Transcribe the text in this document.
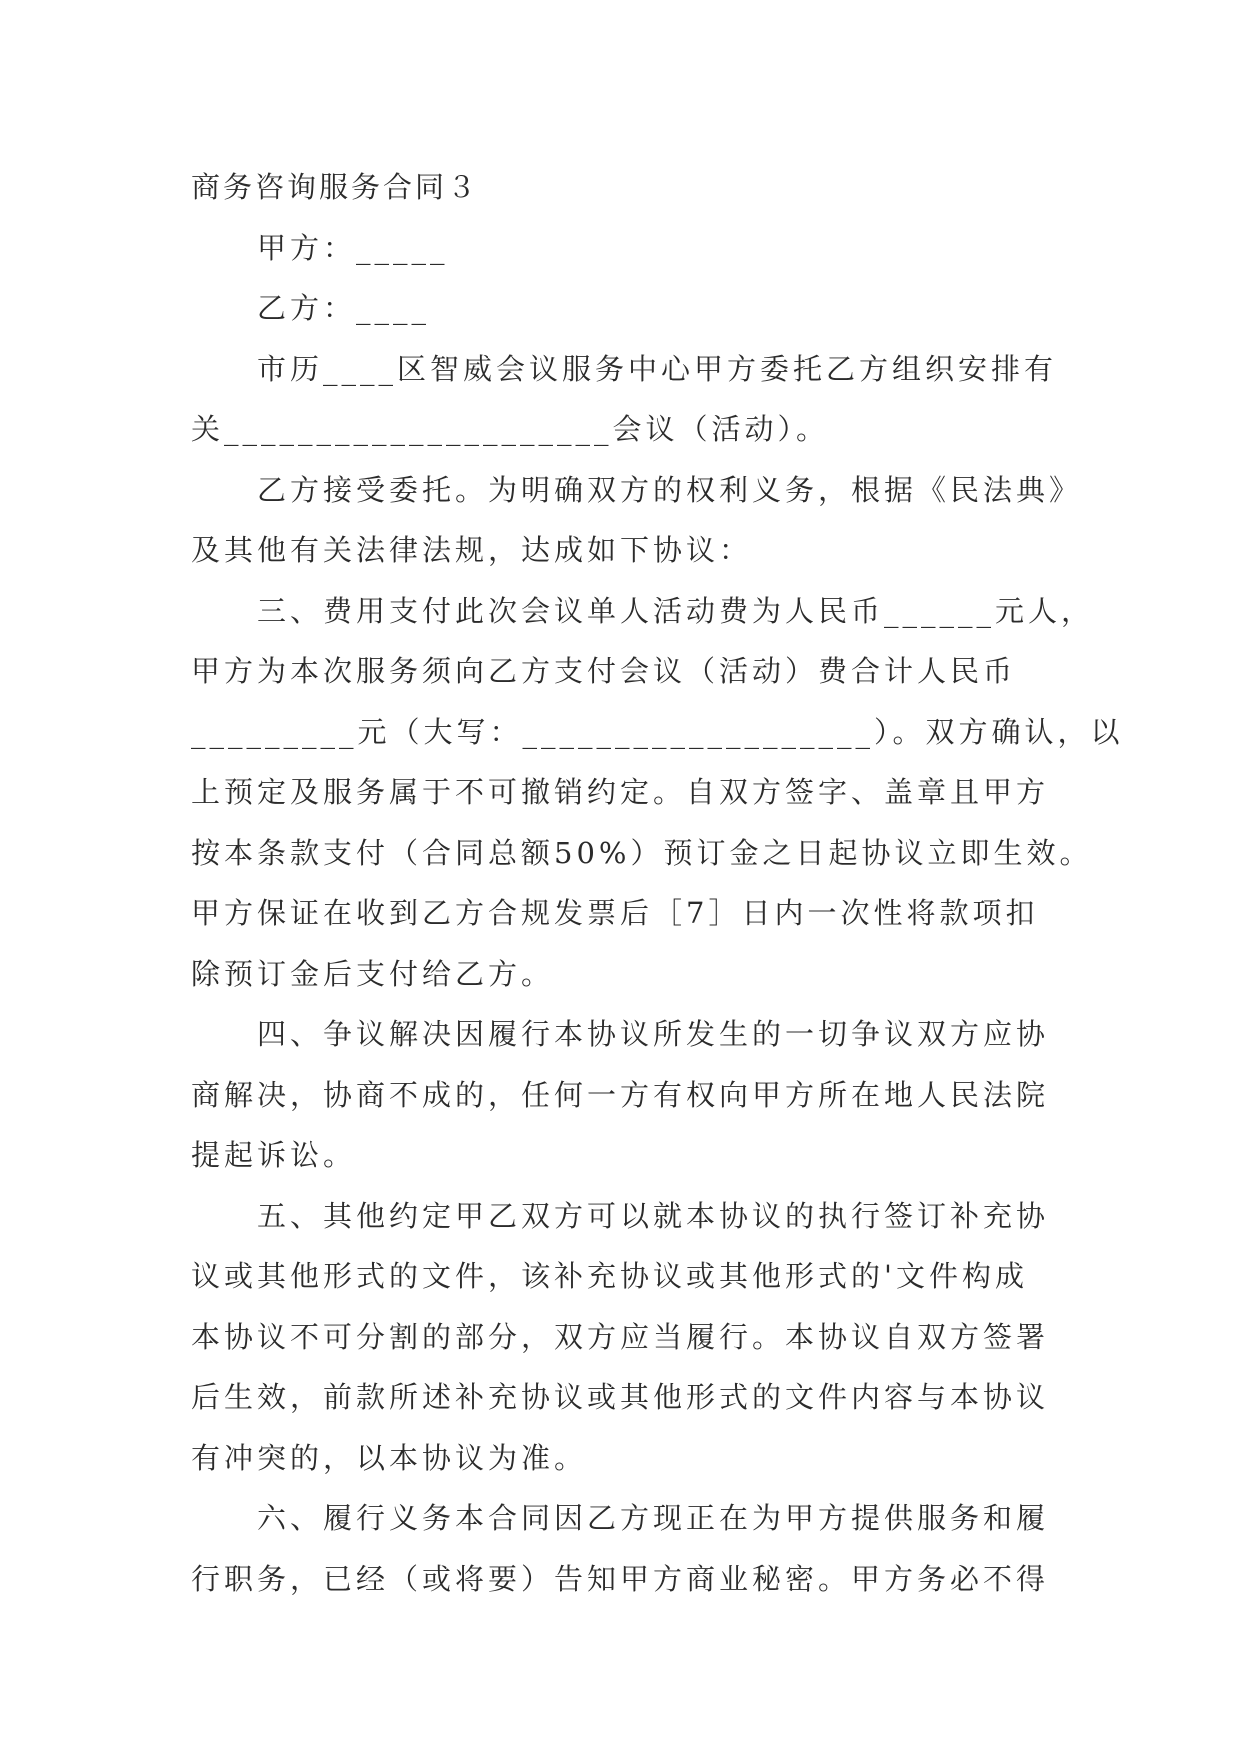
商务咨询服务合同３
甲方：_____
乙方：____
市历____区智威会议服务中心甲方委托乙方组织安排有
关_____________________会议（活动）。
乙方接受委托。为明确双方的权利义务，根据《民法典》
及其他有关法律法规，达成如下协议：
三、费用支付此次会议单人活动费为人民币______元人，
甲方为本次服务须向乙方支付会议（活动）费合计人民币
_________元（大写：___________________）。双方确认，以
上预定及服务属于不可撤销约定。自双方签字、盖章且甲方
按本条款支付（合同总额50%）预订金之日起协议立即生效。
甲方保证在收到乙方合规发票后［7］日内一次性将款项扣
除预订金后支付给乙方。
四、争议解决因履行本协议所发生的一切争议双方应协
商解决，协商不成的，任何一方有权向甲方所在地人民法院
提起诉讼。
五、其他约定甲乙双方可以就本协议的执行签订补充协
议或其他形式的文件，该补充协议或其他形式的'文件构成
本协议不可分割的部分，双方应当履行。本协议自双方签署
后生效，前款所述补充协议或其他形式的文件内容与本协议
有冲突的，以本协议为准。
六、履行义务本合同因乙方现正在为甲方提供服务和履
行职务，已经（或将要）告知甲方商业秘密。甲方务必不得
